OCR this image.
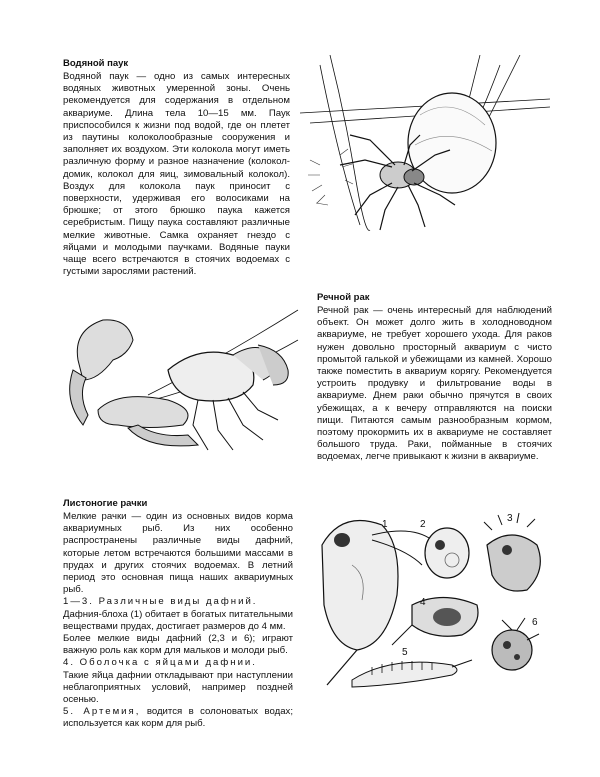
Водяной паук

Водяной паук — одно из самых интересных водяных животных умеренной зоны. Очень рекомендуется для содержания в отдельном аквариуме. Длина тела 10—15 мм. Паук приспособился к жизни под водой, где он плетет из паутины колоколообразные сооружения и заполняет их воздухом. Эти колокола могут иметь различную форму и разное назначение (колокол-домик, колокол для яиц, зимовальный колокол). Воздух для колокола паук приносит с поверхности, удерживая его волосиками на брюшке; от этого брюшко паука кажется серебристым. Пищу паука составляют различные мелкие животные. Самка охраняет гнездо с яйцами и молодыми паучками. Водяные пауки чаще всего встречаются в стоячих водоемах с густыми зарослями растений.

Речной рак

Речной рак — очень интересный для наблюдений объект. Он может долго жить в холодноводном аквариуме, не требует хорошего ухода. Для раков нужен довольно просторный аквариум с чисто промытой галькой и убежищами из камней. Хорошо также поместить в аквариум корягу. Рекомендуется устроить продувку и фильтрование воды в аквариуме. Днем раки обычно прячутся в своих убежищах, а к вечеру отправляются на поиски пищи. Питаются самым разнообразным кормом, поэтому прокормить их в аквариуме не составляет большого труда. Раки, пойманные в стоячих водоемах, легче привыкают к жизни в аквариуме.

Листоногие рачки

Мелкие рачки — один из основных видов корма аквариумных рыб. Из них особенно распространены различные виды дафний, которые летом встречаются большими массами в прудах и других стоячих водоемах. В летний период это основная пища наших аквариумных рыб.

1—3. Различные виды дафний.

Дафния-блоха (1) обитает в богатых питательными веществами прудах, достигает размеров до 4 мм.

Более мелкие виды дафний (2,3 и 6); играют важную роль как корм для мальков и молоди рыб.

4. Оболочка с яйцами дафнии.

Такие яйца дафнии откладывают при наступлении неблагоприятных условий, например поздней осенью.

5. Артемия, водится в солоноватых водах; используется как корм для рыб.

1	2
3
4
5
6
